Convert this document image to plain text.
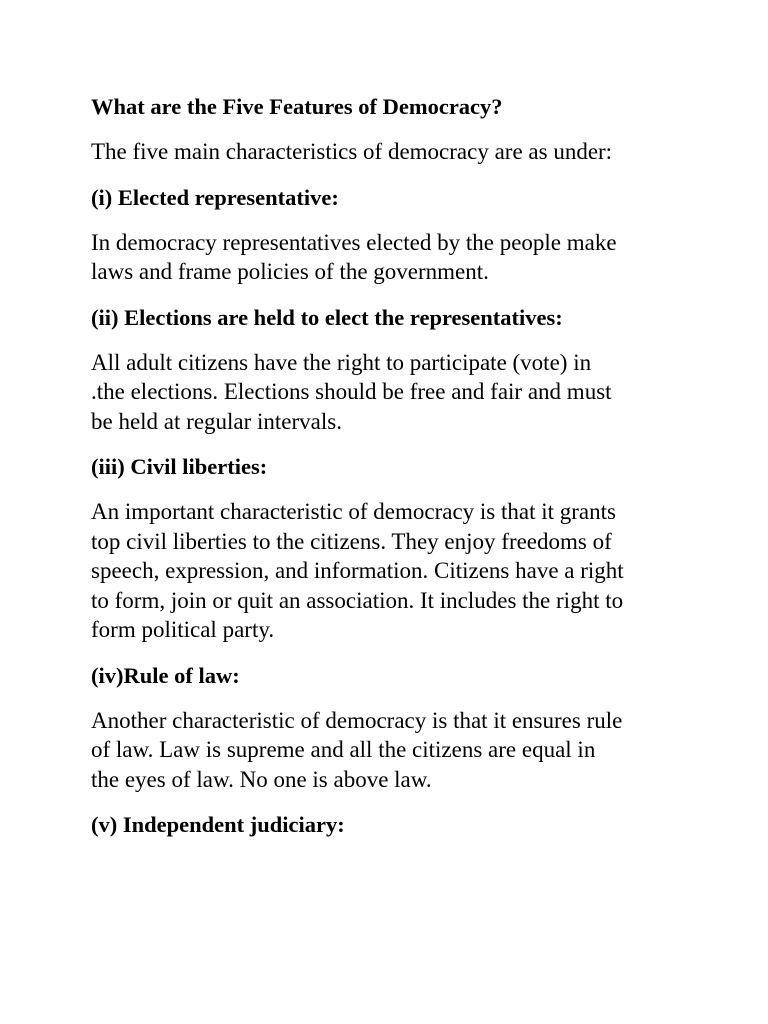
What are the Five Features of Democracy?
The five main characteristics of democracy are as under:
(i) Elected representative:
In democracy representatives elected by the people make
laws and frame policies of the government.
(ii) Elections are held to elect the representatives:
All adult citizens have the right to participate (vote) in
.the elections. Elections should be free and fair and must
be held at regular intervals.
(iii) Civil liberties:
An important characteristic of democracy is that it grants
top civil liberties to the citizens. They enjoy freedoms of
speech, expression, and information. Citizens have a right
to form, join or quit an association. It includes the right to
form political party.
(iv)Rule of law:
Another characteristic of democracy is that it ensures rule
of law. Law is supreme and all the citizens are equal in
the eyes of law. No one is above law.
(v) Independent judiciary:
